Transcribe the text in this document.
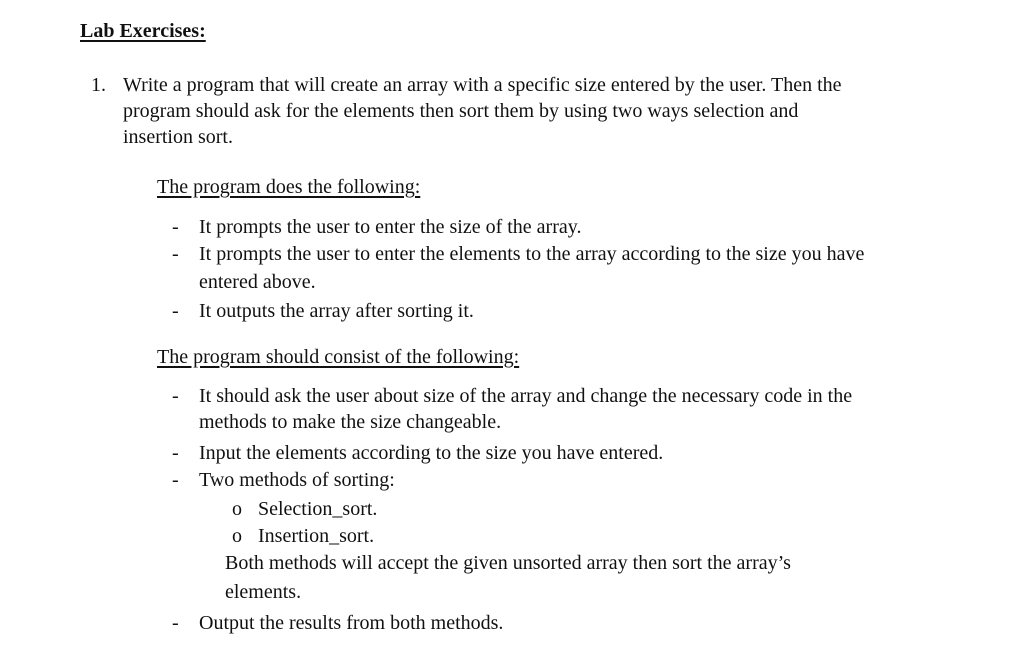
Lab Exercises:
1. Write a program that will create an array with a specific size entered by the user. Then the
program should ask for the elements then sort them by using two ways selection and
insertion sort.
The program does the following:
- It prompts the user to enter the size of the array.
- It prompts the user to enter the elements to the array according to the size you have
entered above.
- It outputs the array after sorting it.
The program should consist of the following:
- It should ask the user about size of the array and change the necessary code in the
methods to make the size changeable.
- Input the elements according to the size you have entered.
- Two methods of sorting:
o Selection_sort.
o Insertion_sort.
Both methods will accept the given unsorted array then sort the array’s
elements.
- Output the results from both methods.
